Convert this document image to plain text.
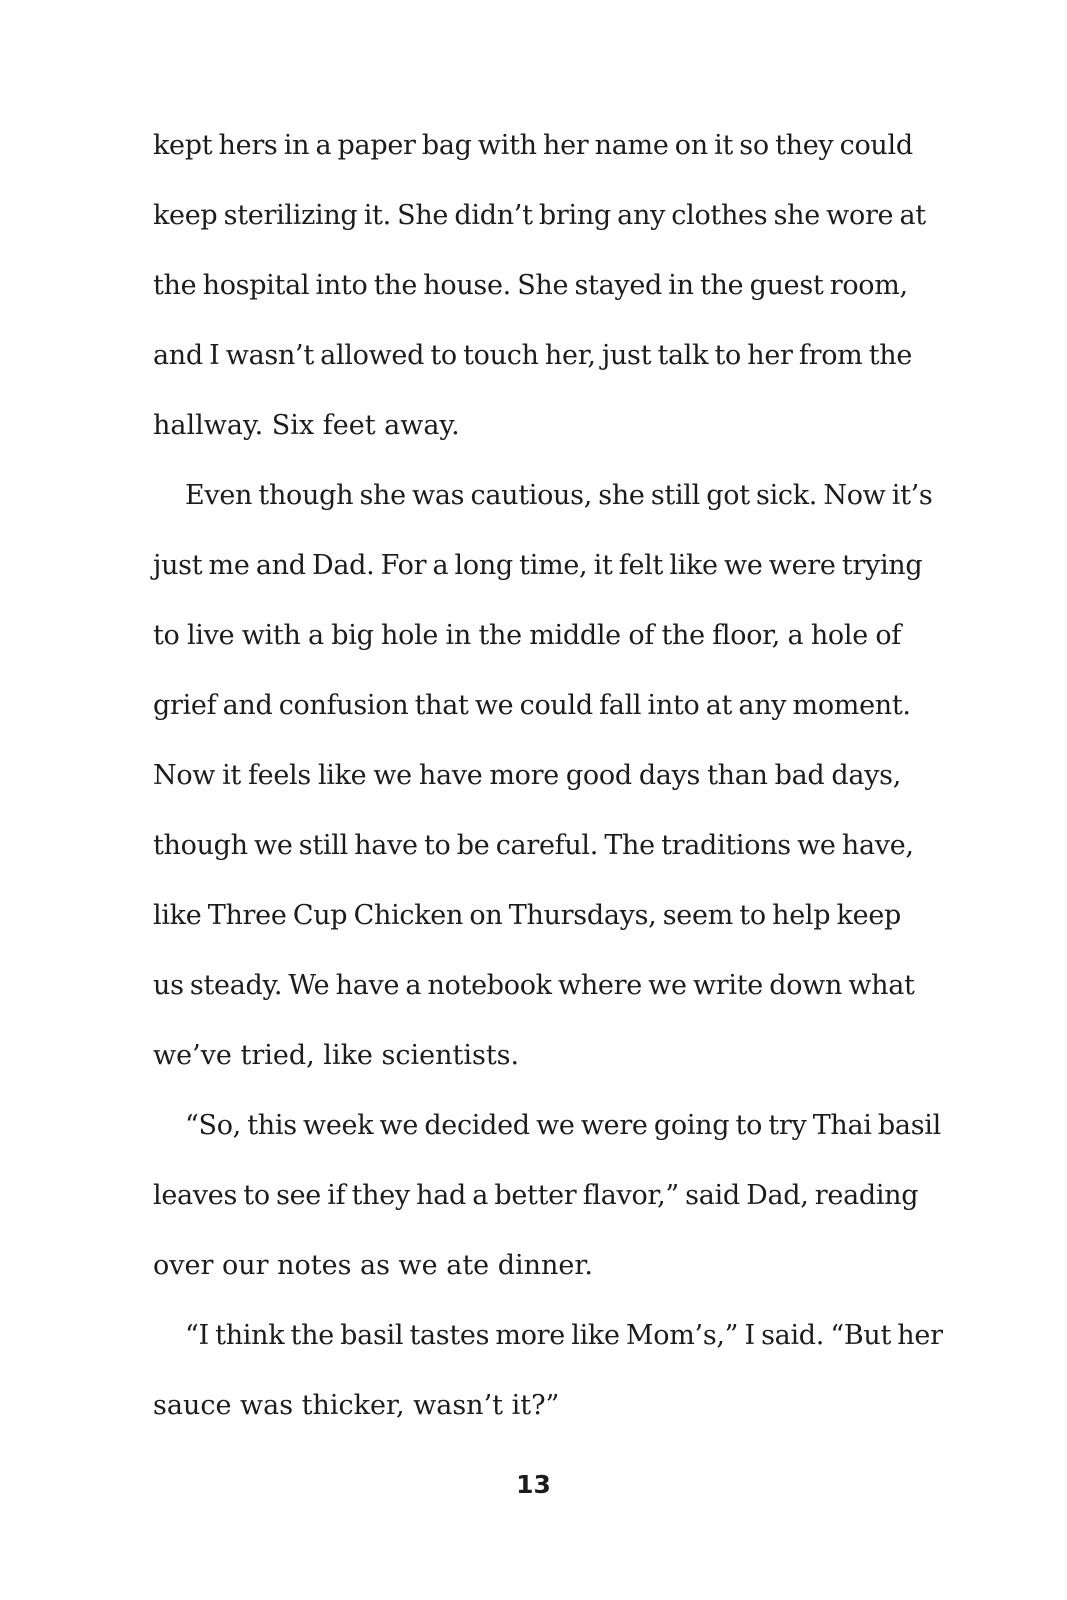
kept hers in a paper bag with her name on it so they could
keep sterilizing it. She didn’t bring any clothes she wore at
the hospital into the house. She stayed in the guest room,
and I wasn’t allowed to touch her, just talk to her from the
hallway. Six feet away.
Even though she was cautious, she still got sick. Now it’s
just me and Dad. For a long time, it felt like we were trying
to live with a big hole in the middle of the floor, a hole of
grief and confusion that we could fall into at any moment.
Now it feels like we have more good days than bad days,
though we still have to be careful. The traditions we have,
like Three Cup Chicken on Thursdays, seem to help keep
us steady. We have a notebook where we write down what
we’ve tried, like scientists.
“So, this week we decided we were going to try Thai basil
leaves to see if they had a better flavor,” said Dad, reading
over our notes as we ate dinner.
“I think the basil tastes more like Mom’s,” I said. “But her
sauce was thicker, wasn’t it?”
13
